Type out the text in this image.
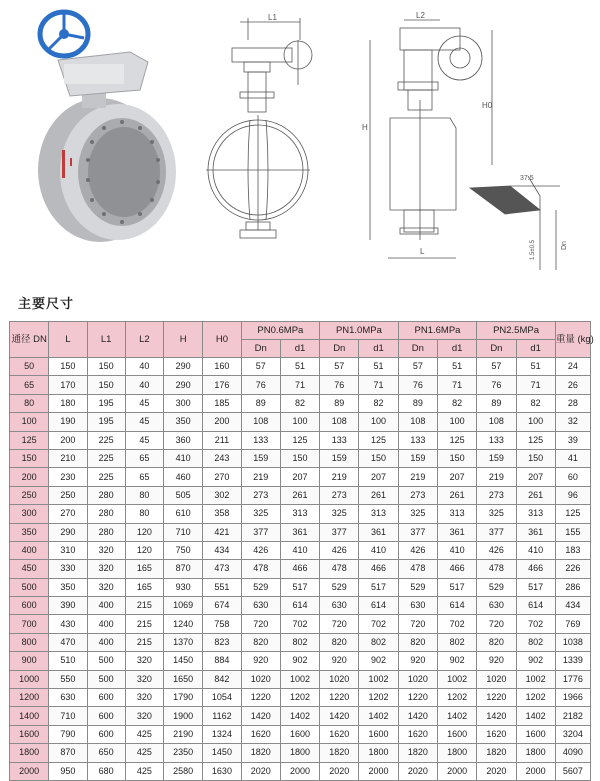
L1	L2
H
H0
L
37.5
1.5±0.5	Dn
主要尺寸
通径 DN	L	L1	L2	H	H0	PN0.6MPa		PN1.0MPa		PN1.6MPa		PN2.5MPa		重量 (kg)
						Dn	d1	Dn	d1	Dn	d1	Dn	d1	
50	150	150	40	290	160	57	51	57	51	57	51	57	51	24
65	170	150	40	290	176	76	71	76	71	76	71	76	71	26
80	180	195	45	300	185	89	82	89	82	89	82	89	82	28
100	190	195	45	350	200	108	100	108	100	108	100	108	100	32
125	200	225	45	360	211	133	125	133	125	133	125	133	125	39
150	210	225	65	410	243	159	150	159	150	159	150	159	150	41
200	230	225	65	460	270	219	207	219	207	219	207	219	207	60
250	250	280	80	505	302	273	261	273	261	273	261	273	261	96
300	270	280	80	610	358	325	313	325	313	325	313	325	313	125
350	290	280	120	710	421	377	361	377	361	377	361	377	361	155
400	310	320	120	750	434	426	410	426	410	426	410	426	410	183
450	330	320	165	870	473	478	466	478	466	478	466	478	466	226
500	350	320	165	930	551	529	517	529	517	529	517	529	517	286
600	390	400	215	1069	674	630	614	630	614	630	614	630	614	434
700	430	400	215	1240	758	720	702	720	702	720	702	720	702	769
800	470	400	215	1370	823	820	802	820	802	820	802	820	802	1038
900	510	500	320	1450	884	920	902	920	902	920	902	920	902	1339
1000	550	500	320	1650	842	1020	1002	1020	1002	1020	1002	1020	1002	1776
1200	630	600	320	1790	1054	1220	1202	1220	1202	1220	1202	1220	1202	1966
1400	710	600	320	1900	1162	1420	1402	1420	1402	1420	1402	1420	1402	2182
1600	790	600	425	2190	1324	1620	1600	1620	1600	1620	1600	1620	1600	3204
1800	870	650	425	2350	1450	1820	1800	1820	1800	1820	1800	1820	1800	4090
2000	950	680	425	2580	1630	2020	2000	2020	2000	2020	2000	2020	2000	5607
